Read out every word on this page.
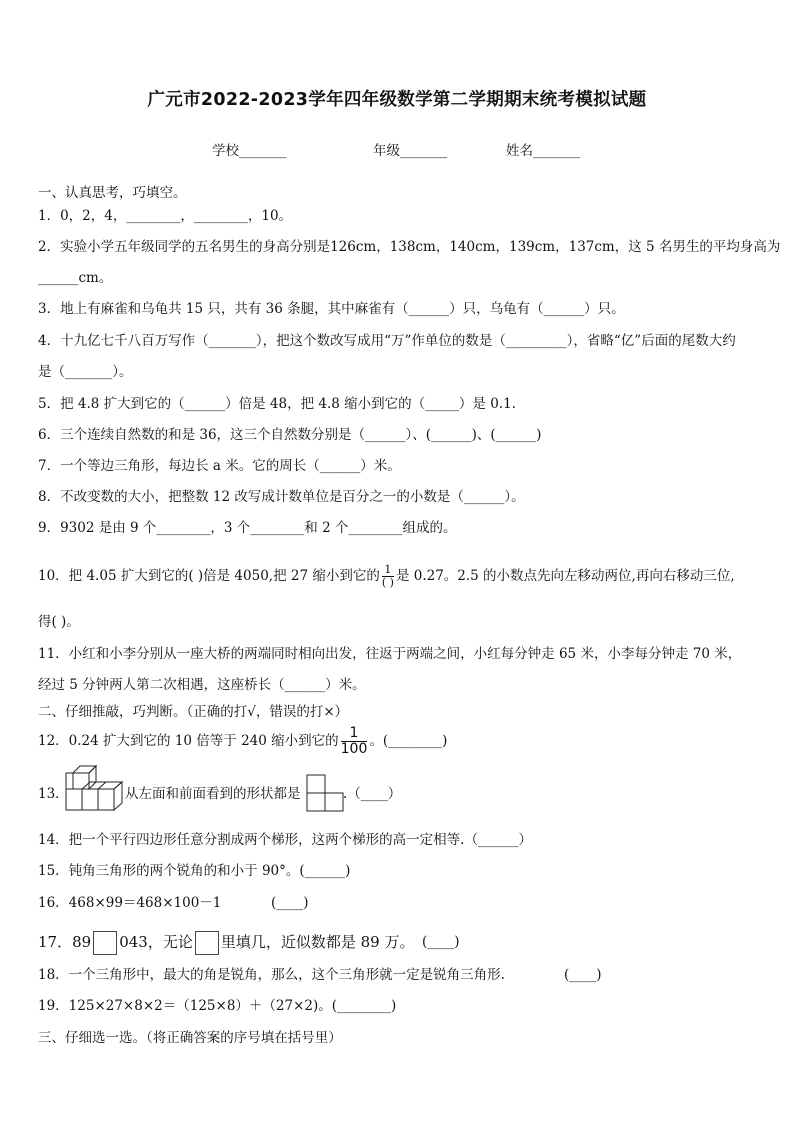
广元市2022-2023学年四年级数学第二学期期末统考模拟试题
学校_______	年级_______	姓名_______
一、认真思考，巧填空。
1．0，2，4，________，________，10。
2．实验小学五年级同学的五名男生的身高分别是126cm，138cm，140cm，139cm，137cm，这 5 名男生的平均身高为
______cm。
3．地上有麻雀和乌龟共 15 只，共有 36 条腿，其中麻雀有（______）只，乌龟有（______）只。
4．十九亿七千八百万写作（_______），把这个数改写成用“万”作单位的数是（_________），省略“亿”后面的尾数大约
是（_______）。
5．把 4.8 扩大到它的（______）倍是 48，把 4.8 缩小到它的（_____）是 0.1.
6．三个连续自然数的和是 36，这三个自然数分别是（______）、(______)、(______)
7．一个等边三角形，每边长 a 米。它的周长（______）米。
8．不改变数的大小，把整数 12 改写成计数单位是百分之一的小数是（______）。
9．9302 是由 9 个________，3 个________和 2 个________组成的。
10．把 4.05 扩大到它的( )倍是 4050,把 27 缩小到它的 $\frac{1}{( )}$ 是 0.27。2.5 的小数点先向左移动两位,再向右移动三位,
得( )。
11．小红和小李分别从一座大桥的两端同时相向出发，往返于两端之间，小红每分钟走 65 米，小李每分钟走 70 米，
经过 5 分钟两人第二次相遇，这座桥长（______）米。
二、仔细推敲，巧判断。（正确的打√，错误的打×）
12．0.24 扩大到它的 10 倍等于 240 缩小到它的 $\frac{1}{100}$ 。(________)
13．	从左面和前面看到的形状都是	.（____）
14．把一个平行四边形任意分割成两个梯形，这两个梯形的高一定相等.（______）
15．钝角三角形的两个锐角的和小于 90°。(______)
16．468×99＝468×100－1	(____)
17．89 043，无论 里填几，近似数都是 89 万。 (____)
18．一个三角形中，最大的角是锐角，那么，这个三角形就一定是锐角三角形.	(____)
19．125×27×8×2＝（125×8）＋（27×2)。(________)
三、仔细选一选。（将正确答案的序号填在括号里）
